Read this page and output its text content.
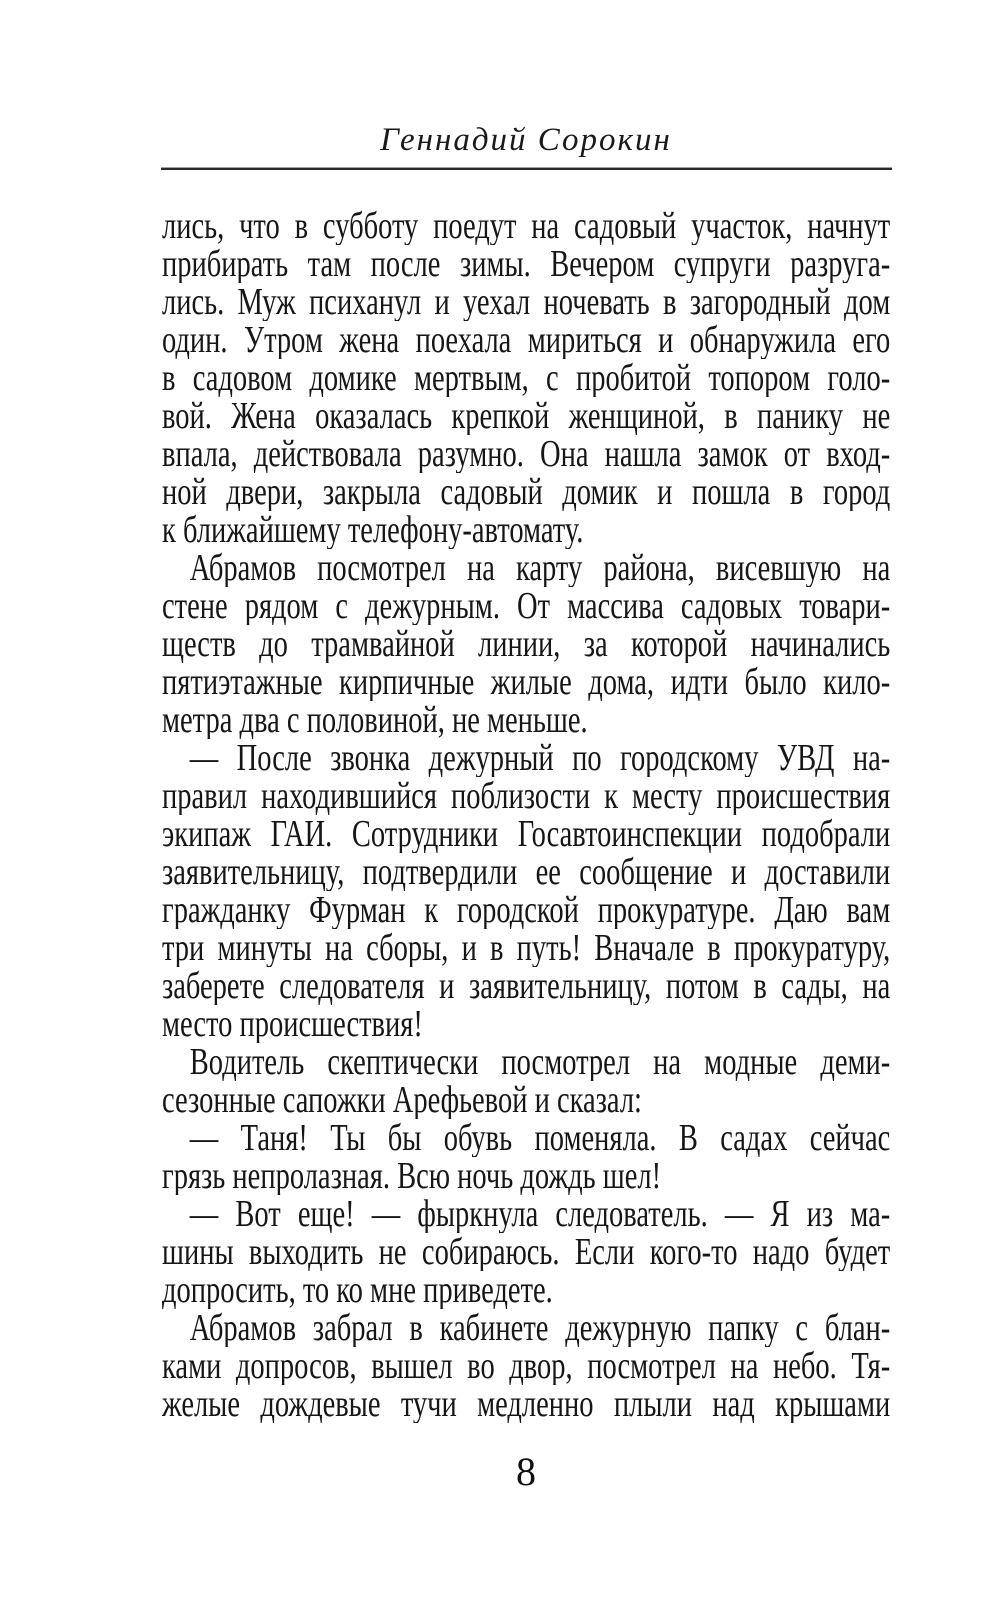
Геннадий Сорокин
лись, что в субботу поедут на садовый участок, начнут
прибирать там после зимы. Вечером супруги разруга-
лись. Муж психанул и уехал ночевать в загородный дом
один. Утром жена поехала мириться и обнаружила его
в садовом домике мертвым, с пробитой топором голо-
вой. Жена оказалась крепкой женщиной, в панику не
впала, действовала разумно. Она нашла замок от вход-
ной двери, закрыла садовый домик и пошла в город
к ближайшему телефону-автомату.
Абрамов посмотрел на карту района, висевшую на
стене рядом с дежурным. От массива садовых товари-
ществ до трамвайной линии, за которой начинались
пятиэтажные кирпичные жилые дома, идти было кило-
метра два с половиной, не меньше.
— После звонка дежурный по городскому УВД на-
правил находившийся поблизости к месту происшествия
экипаж ГАИ. Сотрудники Госавтоинспекции подобрали
заявительницу, подтвердили ее сообщение и доставили
гражданку Фурман к городской прокуратуре. Даю вам
три минуты на сборы, и в путь! Вначале в прокуратуру,
заберете следователя и заявительницу, потом в сады, на
место происшествия!
Водитель скептически посмотрел на модные деми-
сезонные сапожки Арефьевой и сказал:
— Таня! Ты бы обувь поменяла. В садах сейчас
грязь непролазная. Всю ночь дождь шел!
— Вот еще! — фыркнула следователь. — Я из ма-
шины выходить не собираюсь. Если кого-то надо будет
допросить, то ко мне приведете.
Абрамов забрал в кабинете дежурную папку с блан-
ками допросов, вышел во двор, посмотрел на небо. Тя-
желые дождевые тучи медленно плыли над крышами
8
